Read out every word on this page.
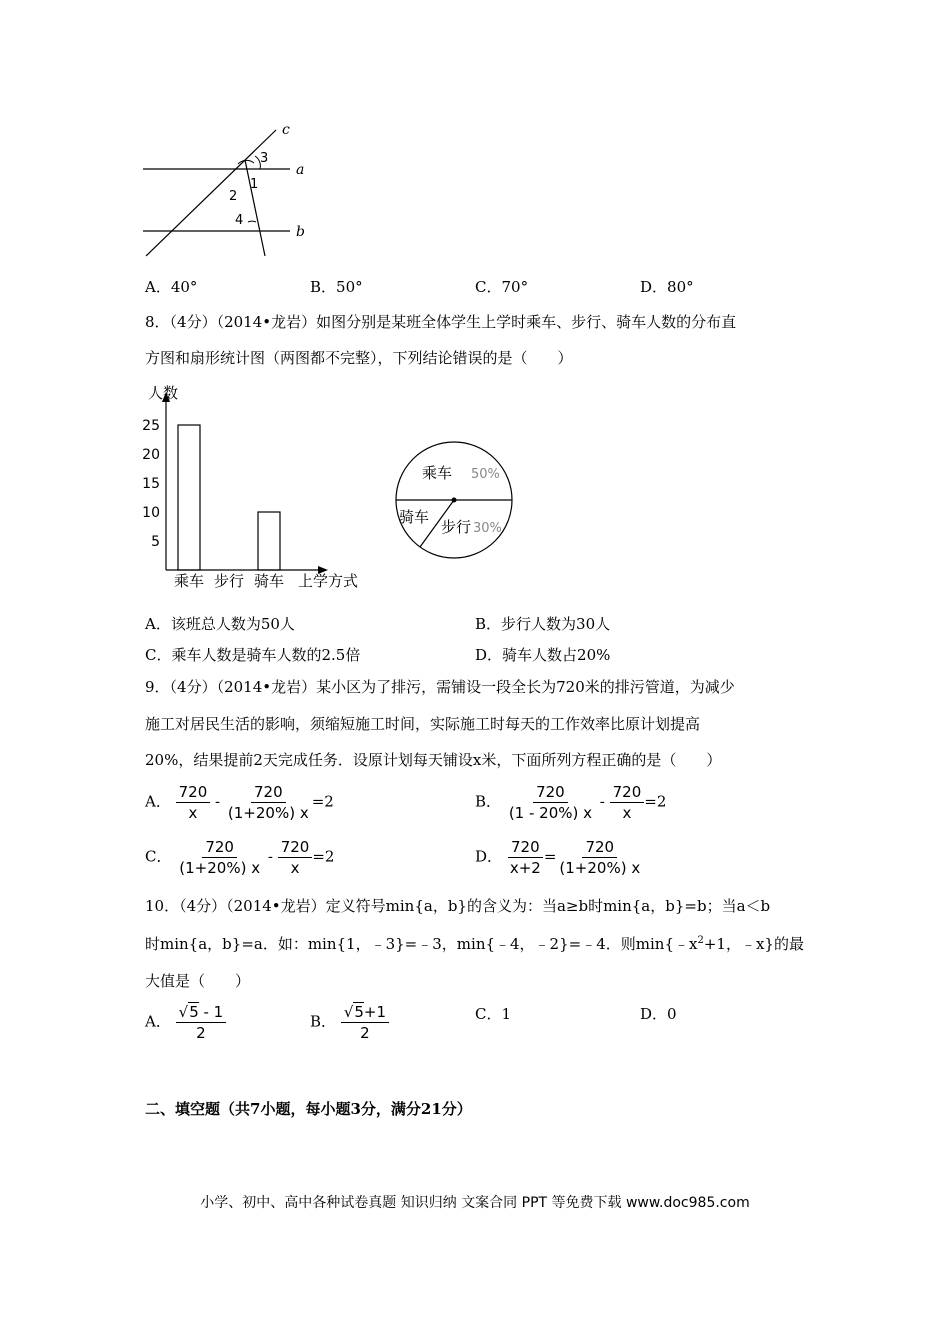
c
a
b
3
1
2
4
A．40°	B．50°	C．70°	D．80°
8．（4分）（2014•龙岩）如图分别是某班全体学生上学时乘车、步行、骑车人数的分布直
方图和扇形统计图（两图都不完整），下列结论错误的是（　　）
人数
上学方式
5
10
15
20
25
乘车 步行 骑车
乘车 50%
步行 30%
骑车
A．该班总人数为50人	B．步行人数为30人
C．乘车人数是骑车人数的2.5倍	D．骑车人数占20%
9．（4分）（2014•龙岩）某小区为了排污，需铺设一段全长为720米的排污管道，为减少
施工对居民生活的影响，须缩短施工时间，实际施工时每天的工作效率比原计划提高
20%，结果提前2天完成任务．设原计划每天铺设x米，下面所列方程正确的是（　　）
A． $\frac{720}{x} - \frac{720}{(1+20\%) x} =2$	B． $\frac{720}{(1 - 20\%) x} - \frac{720}{x} =2$
C． $\frac{720}{(1+20\%) x} - \frac{720}{x} =2$	D． $\frac{720}{x+2} = \frac{720}{(1+20\%) x}$
10．（4分）（2014•龙岩）定义符号min{a，b}的含义为：当a≥b时min{a，b}=b；当a＜b
时min{a，b}=a．如：min{1，﹣3}=﹣3，min{﹣4，﹣2}=﹣4．则$\min\{﹣x^2+1$，﹣x}的最
大值是（　　）
A． $\frac{√5 - 1}{2}$	B． $\frac{√5+1}{2}$	C．1	D．0
二、填空题（共7小题，每小题3分，满分21分）
小学、初中、高中各种试卷真题 知识归纳 文案合同 PPT 等免费下载 www.doc985.com
